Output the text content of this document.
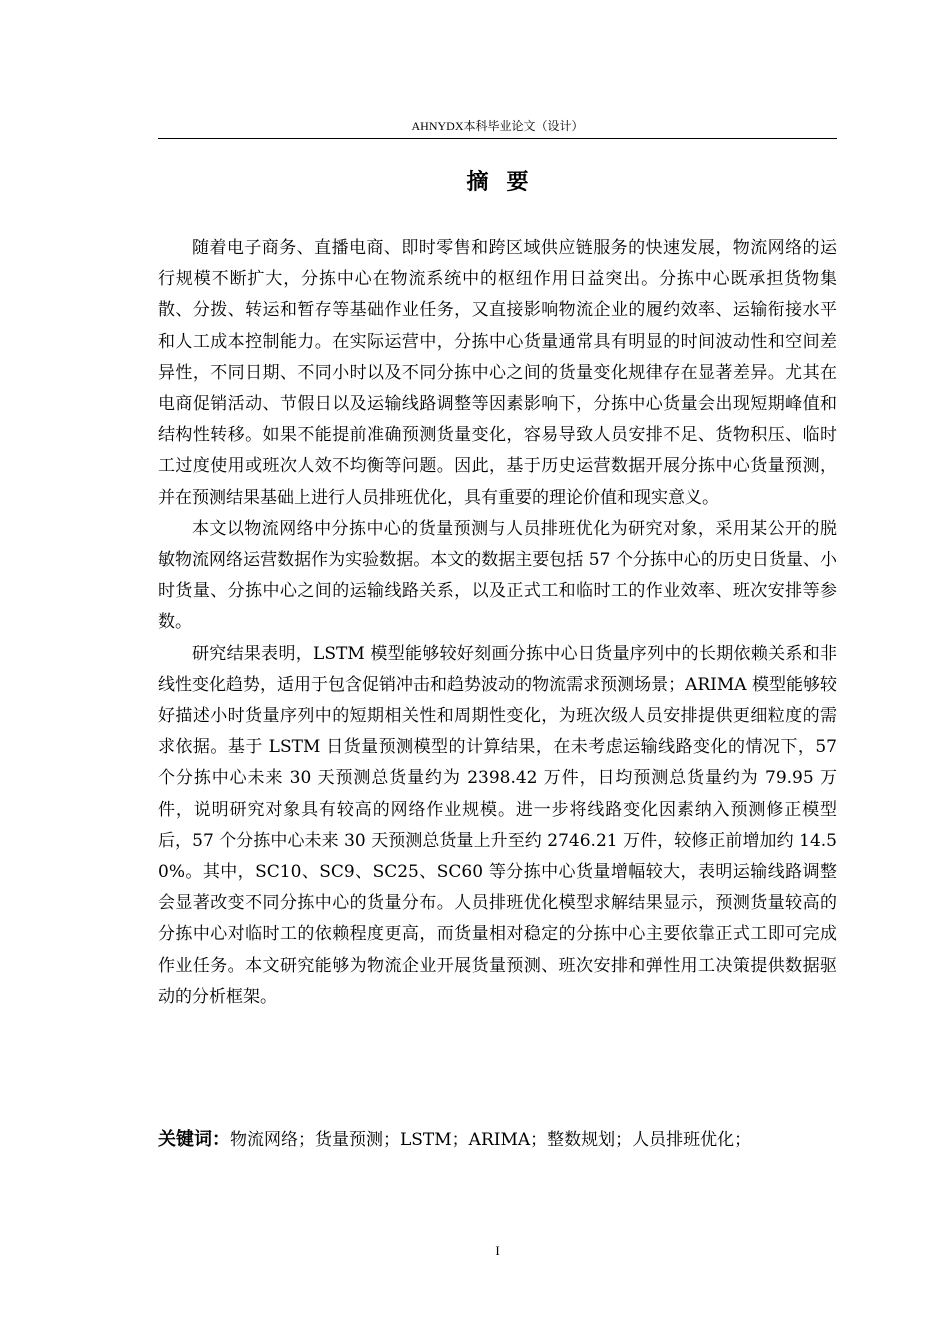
AHNYDX本科毕业论文（设计）
摘要

随着电子商务、直播电商、即时零售和跨区域供应链服务的快速发展，物流网络的运行规模不断扩大，分拣中心在物流系统中的枢纽作用日益突出。分拣中心既承担货物集散、分拨、转运和暂存等基础作业任务，又直接影响物流企业的履约效率、运输衔接水平和人工成本控制能力。在实际运营中，分拣中心货量通常具有明显的时间波动性和空间差异性，不同日期、不同小时以及不同分拣中心之间的货量变化规律存在显著差异。尤其在电商促销活动、节假日以及运输线路调整等因素影响下，分拣中心货量会出现短期峰值和结构性转移。如果不能提前准确预测货量变化，容易导致人员安排不足、货物积压、临时工过度使用或班次人效不均衡等问题。因此，基于历史运营数据开展分拣中心货量预测，并在预测结果基础上进行人员排班优化，具有重要的理论价值和现实意义。

本文以物流网络中分拣中心的货量预测与人员排班优化为研究对象，采用某公开的脱敏物流网络运营数据作为实验数据。本文的数据主要包括 57 个分拣中心的历史日货量、小时货量、分拣中心之间的运输线路关系，以及正式工和临时工的作业效率、班次安排等参数。

研究结果表明，LSTM 模型能够较好刻画分拣中心日货量序列中的长期依赖关系和非线性变化趋势，适用于包含促销冲击和趋势波动的物流需求预测场景；ARIMA 模型能够较好描述小时货量序列中的短期相关性和周期性变化，为班次级人员安排提供更细粒度的需求依据。基于 LSTM 日货量预测模型的计算结果，在未考虑运输线路变化的情况下，57 个分拣中心未来 30 天预测总货量约为 2398.42 万件，日均预测总货量约为 79.95 万件，说明研究对象具有较高的网络作业规模。进一步将线路变化因素纳入预测修正模型后，57 个分拣中心未来 30 天预测总货量上升至约 2746.21 万件，较修正前增加约 14.50%。其中，SC10、SC9、SC25、SC60 等分拣中心货量增幅较大，表明运输线路调整会显著改变不同分拣中心的货量分布。人员排班优化模型求解结果显示，预测货量较高的分拣中心对临时工的依赖程度更高，而货量相对稳定的分拣中心主要依靠正式工即可完成作业任务。本文研究能够为物流企业开展货量预测、班次安排和弹性用工决策提供数据驱动的分析框架。

关键词：物流网络；货量预测；LSTM；ARIMA；整数规划；人员排班优化；
I
